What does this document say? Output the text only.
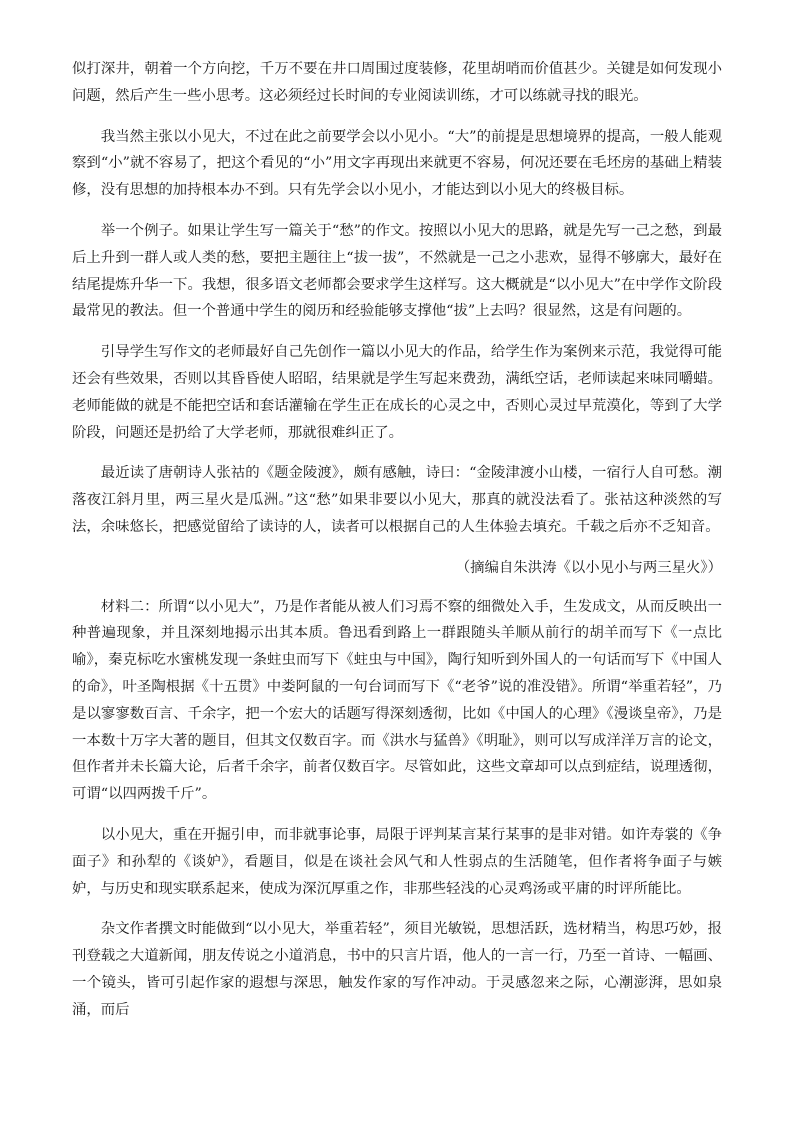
似打深井，朝着一个方向挖，千万不要在井口周围过度装修，花里胡哨而价值甚少。关键是如何发现小问题，然后产生一些小思考。这必须经过长时间的专业阅读训练，才可以练就寻找的眼光。

我当然主张以小见大，不过在此之前要学会以小见小。“大”的前提是思想境界的提高，一般人能观察到“小”就不容易了，把这个看见的“小”用文字再现出来就更不容易，何况还要在毛坯房的基础上精装修，没有思想的加持根本办不到。只有先学会以小见小，才能达到以小见大的终极目标。

举一个例子。如果让学生写一篇关于“愁”的作文。按照以小见大的思路，就是先写一己之愁，到最后上升到一群人或人类的愁，要把主题往上“拔一拔”，不然就是一己之小悲欢，显得不够廓大，最好在结尾提炼升华一下。我想，很多语文老师都会要求学生这样写。这大概就是“以小见大”在中学作文阶段最常见的教法。但一个普通中学生的阅历和经验能够支撑他“拔”上去吗？很显然，这是有问题的。

引导学生写作文的老师最好自己先创作一篇以小见大的作品，给学生作为案例来示范，我觉得可能还会有些效果，否则以其昏昏使人昭昭，结果就是学生写起来费劲，满纸空话，老师读起来味同嚼蜡。老师能做的就是不能把空话和套话灌输在学生正在成长的心灵之中，否则心灵过早荒漠化，等到了大学阶段，问题还是扔给了大学老师，那就很难纠正了。

最近读了唐朝诗人张祜的《题金陵渡》，颇有感触，诗曰：“金陵津渡小山楼，一宿行人自可愁。潮落夜江斜月里，两三星火是瓜洲。”这“愁”如果非要以小见大，那真的就没法看了。张祜这种淡然的写法，余味悠长，把感觉留给了读诗的人，读者可以根据自己的人生体验去填充。千载之后亦不乏知音。

（摘编自朱洪涛《以小见小与两三星火》）

材料二：所谓“以小见大”，乃是作者能从被人们习焉不察的细微处入手，生发成文，从而反映出一种普遍现象，并且深刻地揭示出其本质。鲁迅看到路上一群跟随头羊顺从前行的胡羊而写下《一点比喻》，秦克标吃水蜜桃发现一条蛀虫而写下《蛀虫与中国》，陶行知听到外国人的一句话而写下《中国人的命》，叶圣陶根据《十五贯》中娄阿鼠的一句台词而写下《“老爷”说的准没错》。所谓“举重若轻”，乃是以寥寥数百言、千余字，把一个宏大的话题写得深刻透彻，比如《中国人的心理》《漫谈皇帝》，乃是一本数十万字大著的题目，但其文仅数百字。而《洪水与猛兽》《明耻》，则可以写成洋洋万言的论文，但作者并未长篇大论，后者千余字，前者仅数百字。尽管如此，这些文章却可以点到症结，说理透彻，可谓“以四两拨千斤”。

以小见大，重在开掘引申，而非就事论事，局限于评判某言某行某事的是非对错。如许寿裳的《争面子》和孙犁的《谈妒》，看题目，似是在谈社会风气和人性弱点的生活随笔，但作者将争面子与嫉妒，与历史和现实联系起来，使成为深沉厚重之作，非那些轻浅的心灵鸡汤或平庸的时评所能比。

杂文作者撰文时能做到“以小见大，举重若轻”，须目光敏锐，思想活跃，选材精当，构思巧妙，报刊登载之大道新闻，朋友传说之小道消息，书中的只言片语，他人的一言一行，乃至一首诗、一幅画、一个镜头，皆可引起作家的遐想与深思，触发作家的写作冲动。于灵感忽来之际，心潮澎湃，思如泉涌，而后
